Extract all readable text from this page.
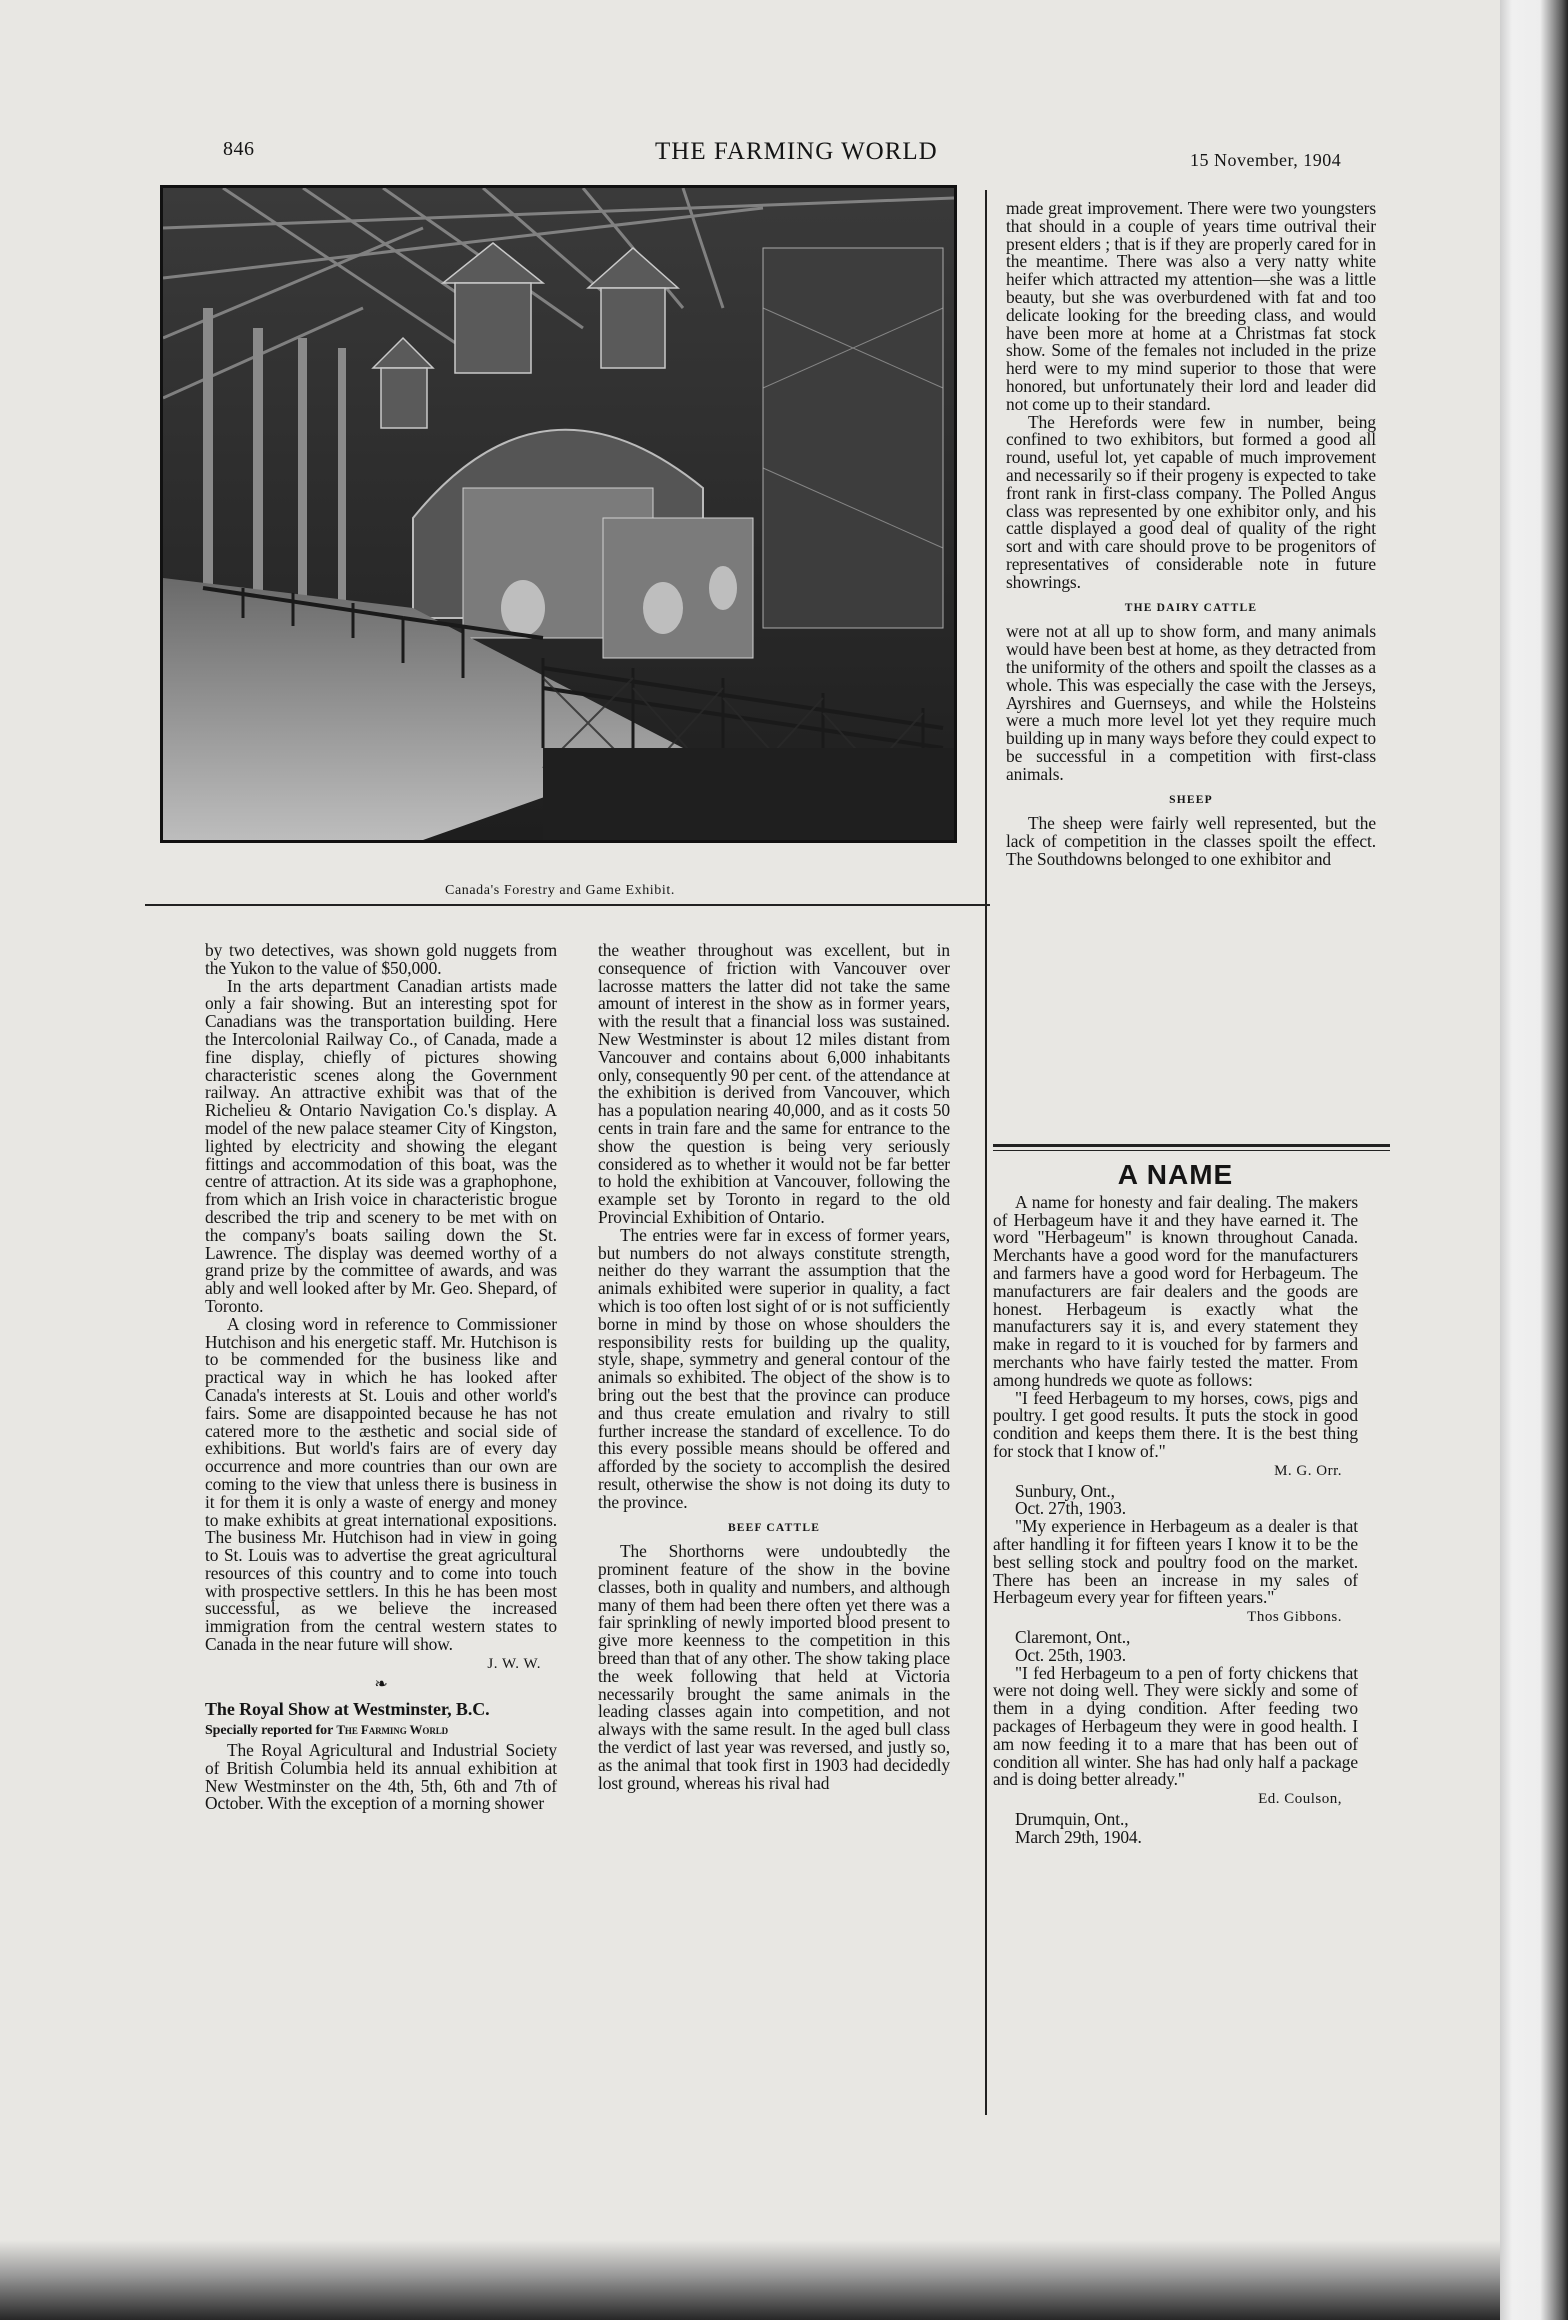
846	THE FARMING WORLD	15 November, 1904
Canada's Forestry and Game Exhibit.

by two detectives, was shown gold nuggets from the Yukon to the value of $50,000.

In the arts department Canadian artists made only a fair showing. But an interesting spot for Canadians was the transportation building. Here the Intercolonial Railway Co., of Canada, made a fine display, chiefly of pictures showing characteristic scenes along the Government railway. An attractive exhibit was that of the Richelieu & Ontario Navigation Co.'s display. A model of the new palace steamer City of Kingston, lighted by electricity and showing the elegant fittings and accommodation of this boat, was the centre of attraction. At its side was a graphophone, from which an Irish voice in characteristic brogue described the trip and scenery to be met with on the company's boats sailing down the St. Lawrence. The display was deemed worthy of a grand prize by the committee of awards, and was ably and well looked after by Mr. Geo. Shepard, of Toronto.

A closing word in reference to Commissioner Hutchison and his energetic staff. Mr. Hutchison is to be commended for the business like and practical way in which he has looked after Canada's interests at St. Louis and other world's fairs. Some are disappointed because he has not catered more to the æsthetic and social side of exhibitions. But world's fairs are of every day occurrence and more countries than our own are coming to the view that unless there is business in it for them it is only a waste of energy and money to make exhibits at great international expositions. The business Mr. Hutchison had in view in going to St. Louis was to advertise the great agricultural resources of this country and to come into touch with prospective settlers. In this he has been most successful, as we believe the increased immigration from the central western states to Canada in the near future will show.

J. W. W.
❧
The Royal Show at Westminster, B.C.
Specially reported for The Farming World

The Royal Agricultural and Industrial Society of British Columbia held its annual exhibition at New Westminster on the 4th, 5th, 6th and 7th of October. With the exception of a morning shower

the weather throughout was excellent, but in consequence of friction with Vancouver over lacrosse matters the latter did not take the same amount of interest in the show as in former years, with the result that a financial loss was sustained. New Westminster is about 12 miles distant from Vancouver and contains about 6,000 inhabitants only, consequently 90 per cent. of the attendance at the exhibition is derived from Vancouver, which has a population nearing 40,000, and as it costs 50 cents in train fare and the same for entrance to the show the question is being very seriously considered as to whether it would not be far better to hold the exhibition at Vancouver, following the example set by Toronto in regard to the old Provincial Exhibition of Ontario.

The entries were far in excess of former years, but numbers do not always constitute strength, neither do they warrant the assumption that the animals exhibited were superior in quality, a fact which is too often lost sight of or is not sufficiently borne in mind by those on whose shoulders the responsibility rests for building up the quality, style, shape, symmetry and general contour of the animals so exhibited. The object of the show is to bring out the best that the province can produce and thus create emulation and rivalry to still further increase the standard of excellence. To do this every possible means should be offered and afforded by the society to accomplish the desired result, otherwise the show is not doing its duty to the province.

BEEF CATTLE

The Shorthorns were undoubtedly the prominent feature of the show in the bovine classes, both in quality and numbers, and although many of them had been there often yet there was a fair sprinkling of newly imported blood present to give more keenness to the competition in this breed than that of any other. The show taking place the week following that held at Victoria necessarily brought the same animals in the leading classes again into competition, and not always with the same result. In the aged bull class the verdict of last year was reversed, and justly so, as the animal that took first in 1903 had decidedly lost ground, whereas his rival had

made great improvement. There were two youngsters that should in a couple of years time outrival their present elders ; that is if they are properly cared for in the meantime. There was also a very natty white heifer which attracted my attention—she was a little beauty, but she was overburdened with fat and too delicate looking for the breeding class, and would have been more at home at a Christmas fat stock show. Some of the females not included in the prize herd were to my mind superior to those that were honored, but unfortunately their lord and leader did not come up to their standard.

The Herefords were few in number, being confined to two exhibitors, but formed a good all round, useful lot, yet capable of much improvement and necessarily so if their progeny is expected to take front rank in first-class company. The Polled Angus class was represented by one exhibitor only, and his cattle displayed a good deal of quality of the right sort and with care should prove to be progenitors of representatives of considerable note in future showrings.

THE DAIRY CATTLE

were not at all up to show form, and many animals would have been best at home, as they detracted from the uniformity of the others and spoilt the classes as a whole. This was especially the case with the Jerseys, Ayrshires and Guernseys, and while the Holsteins were a much more level lot yet they require much building up in many ways before they could expect to be successful in a competition with first-class animals.

SHEEP

The sheep were fairly well represented, but the lack of competition in the classes spoilt the effect. The Southdowns belonged to one exhibitor and

A NAME

A name for honesty and fair dealing. The makers of Herbageum have it and they have earned it. The word "Herbageum" is known throughout Canada. Merchants have a good word for the manufacturers and farmers have a good word for Herbageum. The manufacturers are fair dealers and the goods are honest. Herbageum is exactly what the manufacturers say it is, and every statement they make in regard to it is vouched for by farmers and merchants who have fairly tested the matter. From among hundreds we quote as follows:

"I feed Herbageum to my horses, cows, pigs and poultry. I get good results. It puts the stock in good condition and keeps them there. It is the best thing for stock that I know of."

M. G. Orr.

Sunbury, Ont.,

Oct. 27th, 1903.

"My experience in Herbageum as a dealer is that after handling it for fifteen years I know it to be the best selling stock and poultry food on the market. There has been an increase in my sales of Herbageum every year for fifteen years."

Thos Gibbons.

Claremont, Ont.,

Oct. 25th, 1903.

"I fed Herbageum to a pen of forty chickens that were not doing well. They were sickly and some of them in a dying condition. After feeding two packages of Herbageum they were in good health. I am now feeding it to a mare that has been out of condition all winter. She has had only half a package and is doing better already."

Ed. Coulson,

Drumquin, Ont.,

March 29th, 1904.
